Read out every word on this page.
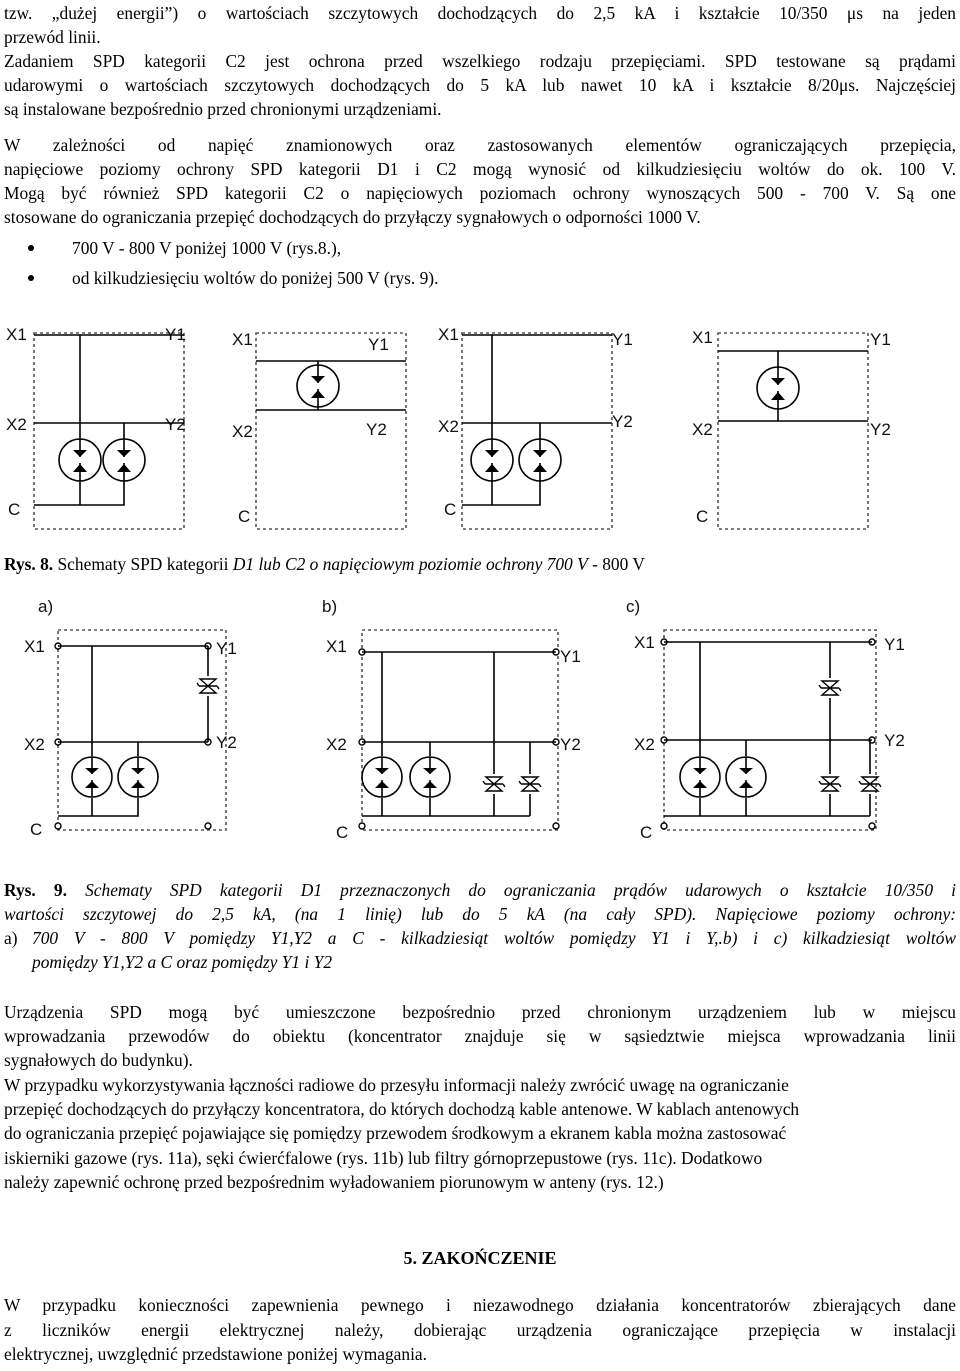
tzw. „dużej energii”) o wartościach szczytowych dochodzących do 2,5 kA i kształcie 10/350 μs na jeden
przewód linii.
Zadaniem SPD kategorii C2 jest ochrona przed wszelkiego rodzaju przepięciami. SPD testowane są prądami
udarowymi o wartościach szczytowych dochodzących do 5 kA lub nawet 10 kA i kształcie 8/20μs. Najczęściej
są instalowane bezpośrednio przed chronionymi urządzeniami.
W zależności od napięć znamionowych oraz zastosowanych elementów ograniczających przepięcia,
napięciowe poziomy ochrony SPD kategorii D1 i C2 mogą wynosić od kilkudziesięciu woltów do ok. 100 V.
Mogą być również SPD kategorii C2 o napięciowych poziomach ochrony wynoszących 500 - 700 V. Są one
stosowane do ograniczania przepięć dochodzących do przyłączy sygnałowych o odporności 1000 V.
700 V - 800 V poniżej 1000 V (rys.8.),
od kilkudziesięciu woltów do poniżej 500 V (rys. 9).
X1	Y1
X2	Y2
C
X1	Y1
X2	Y2
C
X1	Y1
X2	Y2
C
X1	Y1
X2	Y2
C
Rys. 8. Schematy SPD kategorii D1 lub C2 o napięciowym poziomie ochrony 700 V - 800 V
a)	b)	c)
X1	Y1
X2	Y2
C
X1
Y1
X2	Y2
C
X1	Y1
X2	Y2
C
Rys. 9. Schematy SPD kategorii D1 przeznaczonych do ograniczania prądów udarowych o kształcie 10/350 i
wartości szczytowej do 2,5 kA, (na 1 linię) lub do 5 kA (na cały SPD). Napięciowe poziomy ochrony:
a) 700 V - 800 V pomiędzy Y1,Y2 a C - kilkadziesiąt woltów pomiędzy Y1 i Y,.b) i c) kilkadziesiąt woltów
pomiędzy Y1,Y2 a C oraz pomiędzy Y1 i Y2
Urządzenia SPD mogą być umieszczone bezpośrednio przed chronionym urządzeniem lub w miejscu
wprowadzania przewodów do obiektu (koncentrator znajduje się w sąsiedztwie miejsca wprowadzania linii
sygnałowych do budynku).
W przypadku wykorzystywania łączności radiowe do przesyłu informacji należy zwrócić uwagę na ograniczanie
przepięć dochodzących do przyłączy koncentratora, do których dochodzą kable antenowe. W kablach antenowych
do ograniczania przepięć pojawiające się pomiędzy przewodem środkowym a ekranem kabla można zastosować
iskierniki gazowe (rys. 11a), sęki ćwierćfalowe (rys. 11b) lub filtry górnoprzepustowe (rys. 11c). Dodatkowo
należy zapewnić ochronę przed bezpośrednim wyładowaniem piorunowym w anteny (rys. 12.)
5. ZAKOŃCZENIE
W przypadku konieczności zapewnienia pewnego i niezawodnego działania koncentratorów zbierających dane
z liczników energii elektrycznej należy, dobierając urządzenia ograniczające przepięcia w instalacji
elektrycznej, uwzględnić przedstawione poniżej wymagania.
